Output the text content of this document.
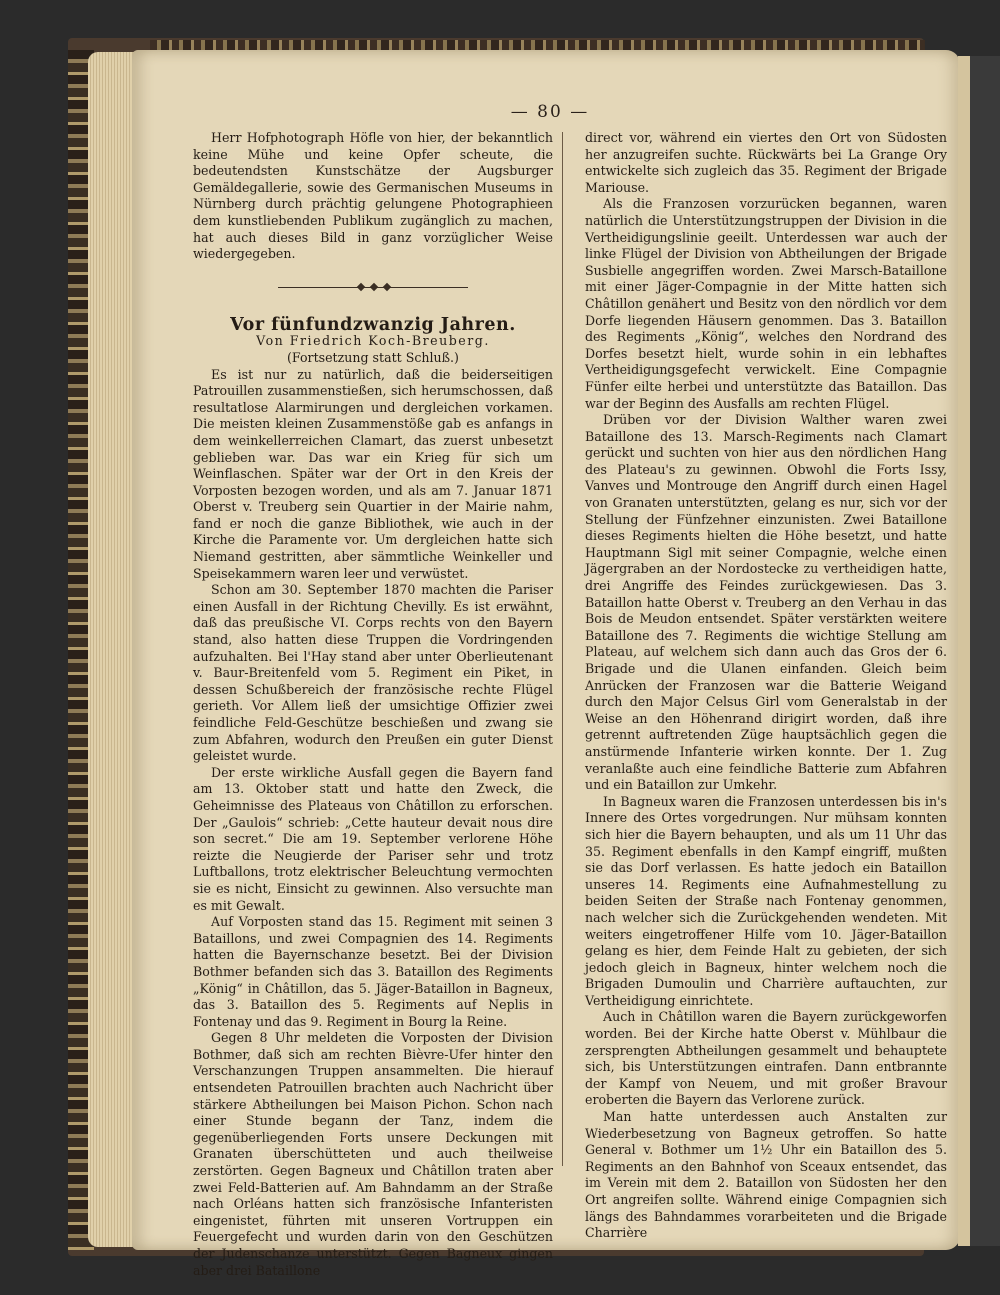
— 80 —

Herr Hofphotograph Höfle von hier, der bekanntlich keine Mühe und keine Opfer scheute, die bedeutendsten Kunstschätze der Augsburger Gemäldegallerie, sowie des Germanischen Museums in Nürnberg durch prächtig gelungene Photographieen dem kunstliebenden Publikum zugänglich zu machen, hat auch dieses Bild in ganz vorzüglicher Weise wiedergegeben.

Vor fünfundzwanzig Jahren.

Von Friedrich Koch-Breuberg.

(Fortsetzung statt Schluß.)

Es ist nur zu natürlich, daß die beiderseitigen Patrouillen zusammenstießen, sich herumschossen, daß resultatlose Alarmirungen und dergleichen vorkamen. Die meisten kleinen Zusammenstöße gab es anfangs in dem weinkellerreichen Clamart, das zuerst unbesetzt geblieben war. Das war ein Krieg für sich um Weinflaschen. Später war der Ort in den Kreis der Vorposten bezogen worden, und als am 7. Januar 1871 Oberst v. Treuberg sein Quartier in der Mairie nahm, fand er noch die ganze Bibliothek, wie auch in der Kirche die Paramente vor. Um dergleichen hatte sich Niemand gestritten, aber sämmtliche Weinkeller und Speisekammern waren leer und verwüstet.

Schon am 30. September 1870 machten die Pariser einen Ausfall in der Richtung Chevilly. Es ist erwähnt, daß das preußische VI. Corps rechts von den Bayern stand, also hatten diese Truppen die Vordringenden aufzuhalten. Bei l'Hay stand aber unter Oberlieutenant v. Baur-Breitenfeld vom 5. Regiment ein Piket, in dessen Schußbereich der französische rechte Flügel gerieth. Vor Allem ließ der umsichtige Offizier zwei feindliche Feld-Geschütze beschießen und zwang sie zum Abfahren, wodurch den Preußen ein guter Dienst geleistet wurde.

Der erste wirkliche Ausfall gegen die Bayern fand am 13. Oktober statt und hatte den Zweck, die Geheimnisse des Plateaus von Châtillon zu erforschen. Der „Gaulois“ schrieb: „Cette hauteur devait nous dire son secret.“ Die am 19. September verlorene Höhe reizte die Neugierde der Pariser sehr und trotz Luftballons, trotz elektrischer Beleuchtung vermochten sie es nicht, Einsicht zu gewinnen. Also versuchte man es mit Gewalt.

Auf Vorposten stand das 15. Regiment mit seinen 3 Bataillons, und zwei Compagnien des 14. Regiments hatten die Bayernschanze besetzt. Bei der Division Bothmer befanden sich das 3. Bataillon des Regiments „König“ in Châtillon, das 5. Jäger-Bataillon in Bagneux, das 3. Bataillon des 5. Regiments auf Neplis in Fontenay und das 9. Regiment in Bourg la Reine.

Gegen 8 Uhr meldeten die Vorposten der Division Bothmer, daß sich am rechten Bièvre-Ufer hinter den Verschanzungen Truppen ansammelten. Die hierauf entsendeten Patrouillen brachten auch Nachricht über stärkere Abtheilungen bei Maison Pichon. Schon nach einer Stunde begann der Tanz, indem die gegenüberliegenden Forts unsere Deckungen mit Granaten überschütteten und auch theilweise zerstörten. Gegen Bagneux und Châtillon traten aber zwei Feld-Batterien auf. Am Bahndamm an der Straße nach Orléans hatten sich französische Infanteristen eingenistet, führten mit unseren Vortruppen ein Feuergefecht und wurden darin von den Geschützen der Judenschanze unterstützt. Gegen Bagneux gingen aber drei Bataillone

direct vor, während ein viertes den Ort von Südosten her anzugreifen suchte. Rückwärts bei La Grange Ory entwickelte sich zugleich das 35. Regiment der Brigade Mariouse.

Als die Franzosen vorzurücken begannen, waren natürlich die Unterstützungstruppen der Division in die Vertheidigungslinie geeilt. Unterdessen war auch der linke Flügel der Division von Abtheilungen der Brigade Susbielle angegriffen worden. Zwei Marsch-Bataillone mit einer Jäger-Compagnie in der Mitte hatten sich Châtillon genähert und Besitz von den nördlich vor dem Dorfe liegenden Häusern genommen. Das 3. Bataillon des Regiments „König“, welches den Nordrand des Dorfes besetzt hielt, wurde sohin in ein lebhaftes Vertheidigungsgefecht verwickelt. Eine Compagnie Fünfer eilte herbei und unterstützte das Bataillon. Das war der Beginn des Ausfalls am rechten Flügel.

Drüben vor der Division Walther waren zwei Bataillone des 13. Marsch-Regiments nach Clamart gerückt und suchten von hier aus den nördlichen Hang des Plateau's zu gewinnen. Obwohl die Forts Issy, Vanves und Montrouge den Angriff durch einen Hagel von Granaten unterstützten, gelang es nur, sich vor der Stellung der Fünfzehner einzunisten. Zwei Bataillone dieses Regiments hielten die Höhe besetzt, und hatte Hauptmann Sigl mit seiner Compagnie, welche einen Jägergraben an der Nordostecke zu vertheidigen hatte, drei Angriffe des Feindes zurückgewiesen. Das 3. Bataillon hatte Oberst v. Treuberg an den Verhau in das Bois de Meudon entsendet. Später verstärkten weitere Bataillone des 7. Regiments die wichtige Stellung am Plateau, auf welchem sich dann auch das Gros der 6. Brigade und die Ulanen einfanden. Gleich beim Anrücken der Franzosen war die Batterie Weigand durch den Major Celsus Girl vom Generalstab in der Weise an den Höhenrand dirigirt worden, daß ihre getrennt auftretenden Züge hauptsächlich gegen die anstürmende Infanterie wirken konnte. Der 1. Zug veranlaßte auch eine feindliche Batterie zum Abfahren und ein Bataillon zur Umkehr.

In Bagneux waren die Franzosen unterdessen bis in's Innere des Ortes vorgedrungen. Nur mühsam konnten sich hier die Bayern behaupten, und als um 11 Uhr das 35. Regiment ebenfalls in den Kampf eingriff, mußten sie das Dorf verlassen. Es hatte jedoch ein Bataillon unseres 14. Regiments eine Aufnahmestellung zu beiden Seiten der Straße nach Fontenay genommen, nach welcher sich die Zurückgehenden wendeten. Mit weiters eingetroffener Hilfe vom 10. Jäger-Bataillon gelang es hier, dem Feinde Halt zu gebieten, der sich jedoch gleich in Bagneux, hinter welchem noch die Brigaden Dumoulin und Charrière auftauchten, zur Vertheidigung einrichtete.

Auch in Châtillon waren die Bayern zurückgeworfen worden. Bei der Kirche hatte Oberst v. Mühlbaur die zersprengten Abtheilungen gesammelt und behauptete sich, bis Unterstützungen eintrafen. Dann entbrannte der Kampf von Neuem, und mit großer Bravour eroberten die Bayern das Verlorene zurück.

Man hatte unterdessen auch Anstalten zur Wiederbesetzung von Bagneux getroffen. So hatte General v. Bothmer um 1½ Uhr ein Bataillon des 5. Regiments an den Bahnhof von Sceaux entsendet, das im Verein mit dem 2. Bataillon von Südosten her den Ort angreifen sollte. Während einige Compagnien sich längs des Bahndammes vorarbeiteten und die Brigade Charrière
